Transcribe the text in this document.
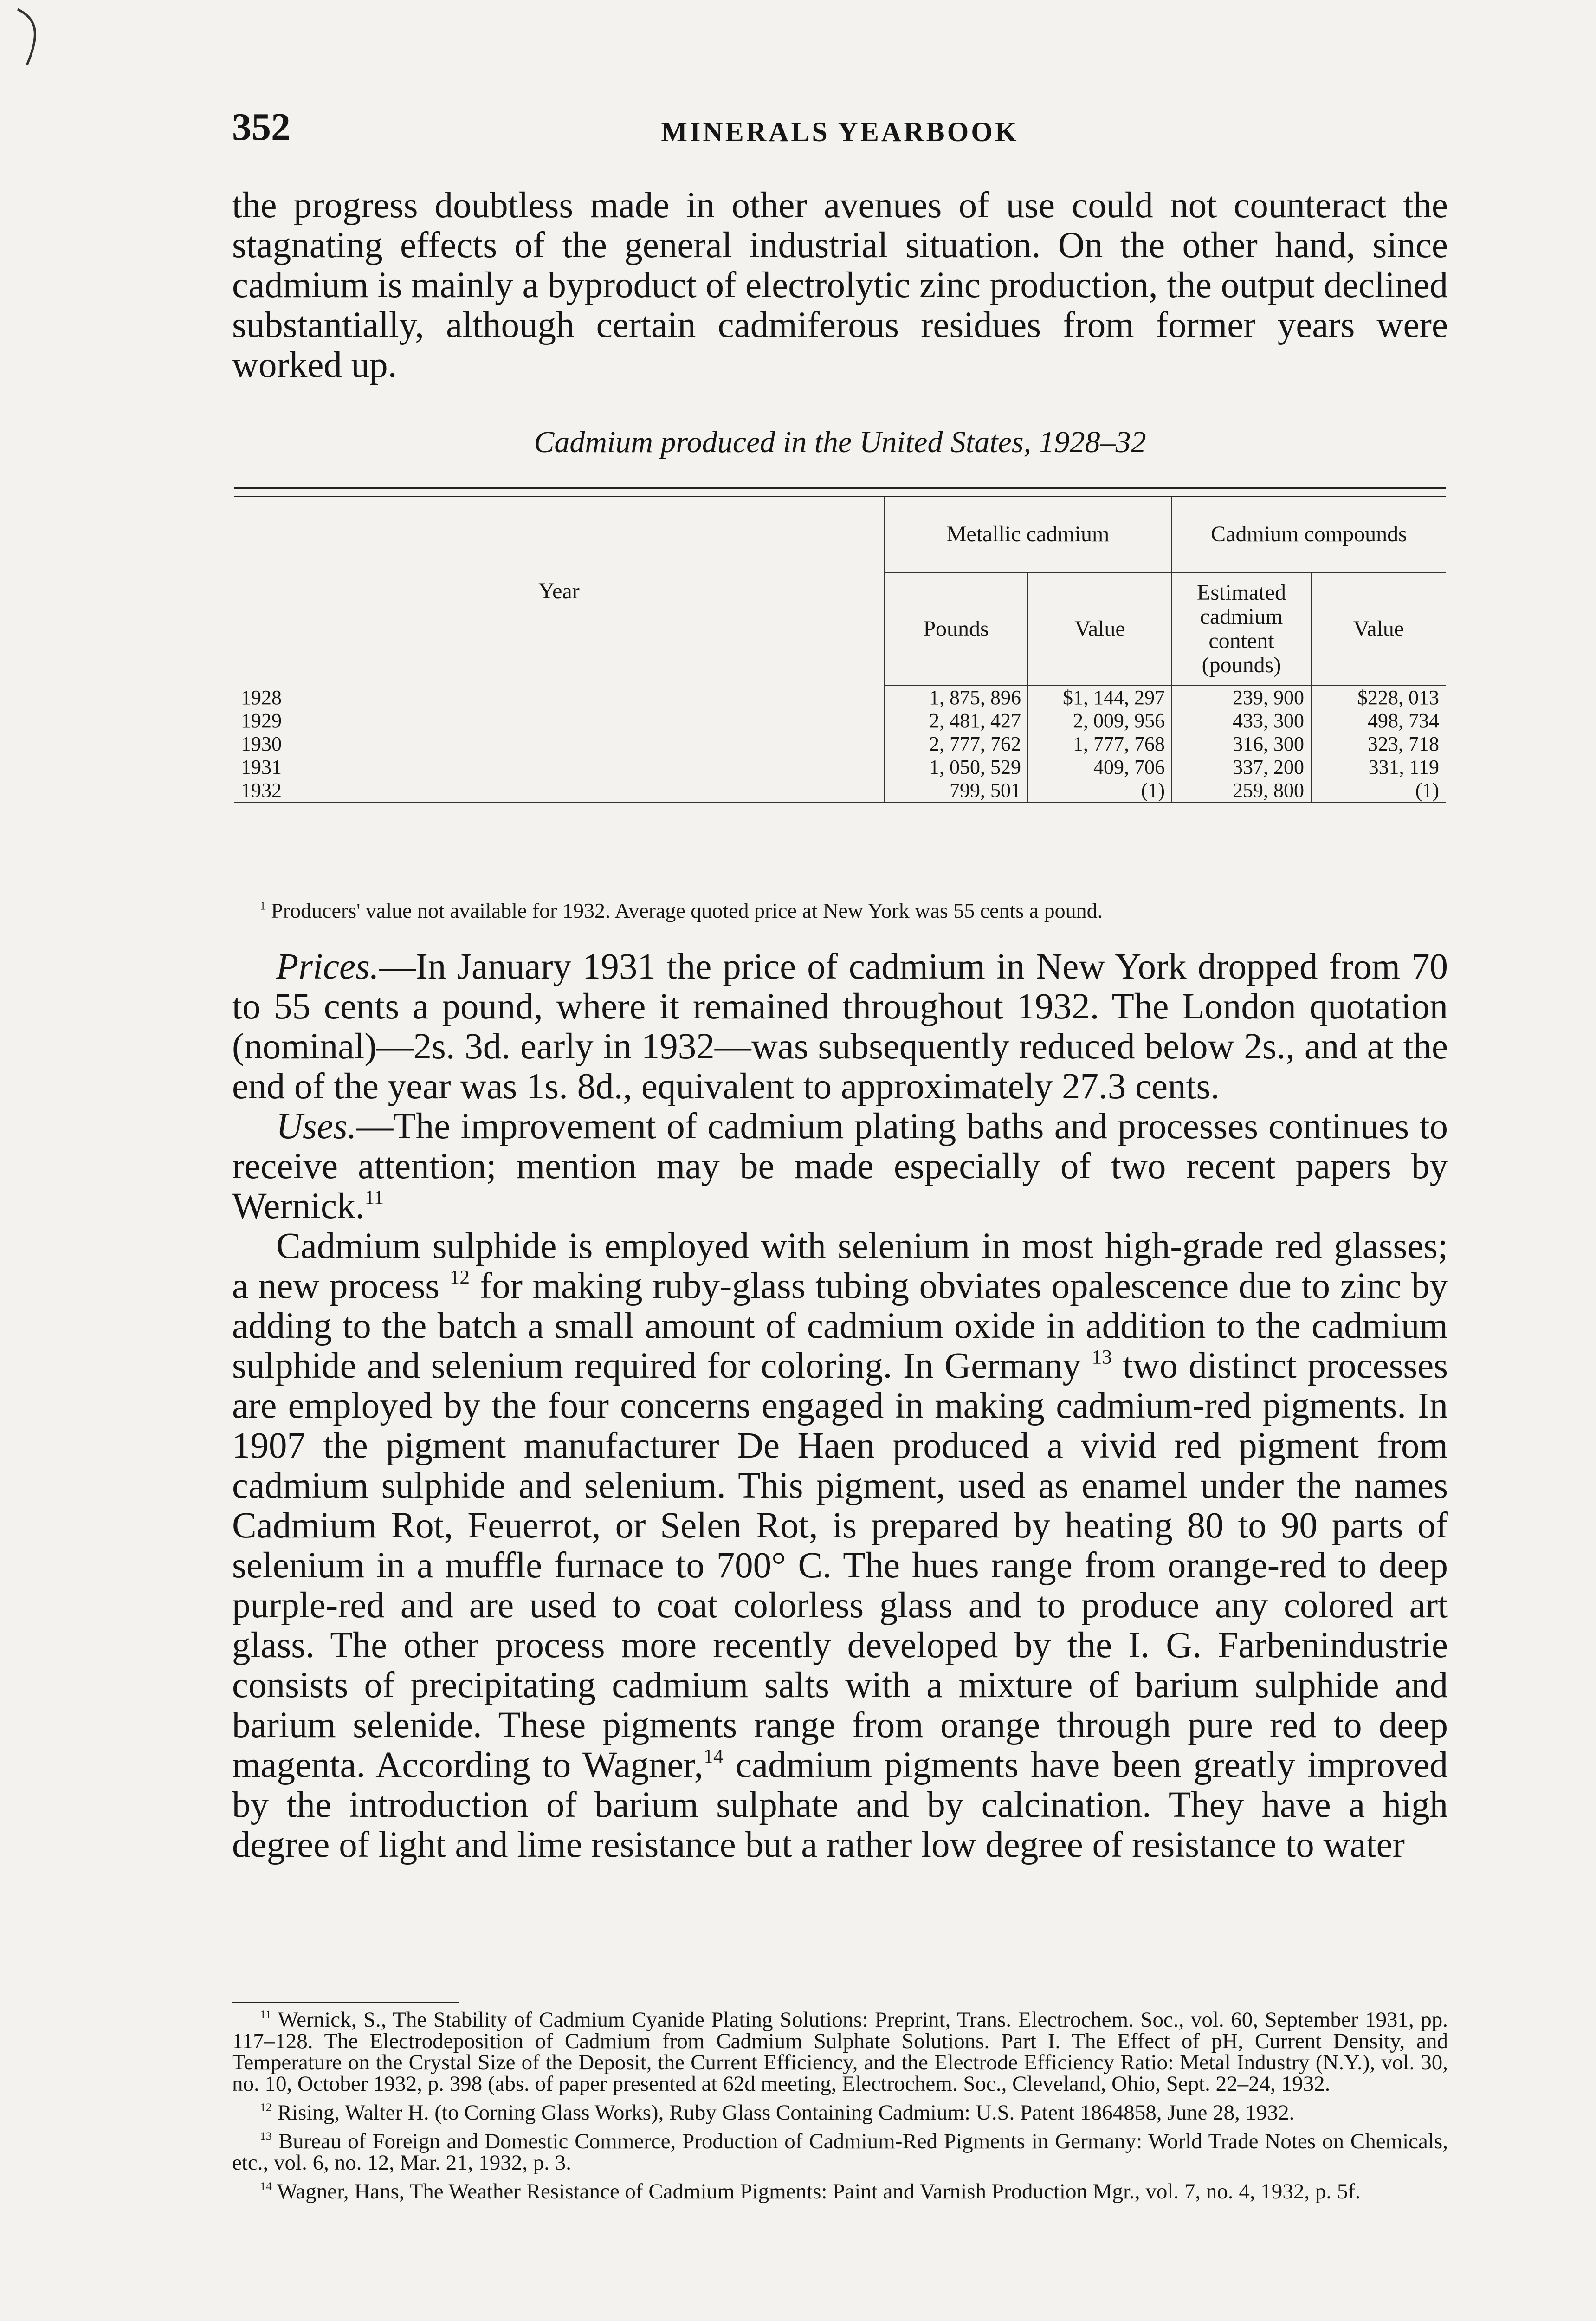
352	MINERALS YEARBOOK

the progress doubtless made in other avenues of use could not counteract the stagnating effects of the general industrial situation. On the other hand, since cadmium is mainly a byproduct of electrolytic zinc production, the output declined substantially, although certain cadmiferous residues from former years were worked up.

Cadmium produced in the United States, 1928–32
Year	Metallic cadmium		Cadmium compounds	
	Pounds	Value	Estimated cadmium content (pounds)	Value
1928	1, 875, 896	$1, 144, 297	239, 900	$228, 013
1929	2, 481, 427	2, 009, 956	433, 300	498, 734
1930	2, 777, 762	1, 777, 768	316, 300	323, 718
1931	1, 050, 529	409, 706	337, 200	331, 119
1932	799, 501	(1)	259, 800	(1)
$^1$ Producers' value not available for 1932. Average quoted price at New York was 55 cents a pound.

Prices.—In January 1931 the price of cadmium in New York dropped from 70 to 55 cents a pound, where it remained throughout 1932. The London quotation (nominal)—2s. 3d. early in 1932—was subsequently reduced below 2s., and at the end of the year was 1s. 8d., equivalent to approximately 27.3 cents.

Uses.—The improvement of cadmium plating baths and processes continues to receive attention; mention may be made especially of two recent papers by Wernick.$^{11}$

Cadmium sulphide is employed with selenium in most high-grade red glasses; a new process $^{12}$ for making ruby-glass tubing obviates opalescence due to zinc by adding to the batch a small amount of cadmium oxide in addition to the cadmium sulphide and selenium required for coloring. In Germany $^{13}$ two distinct processes are employed by the four concerns engaged in making cadmium-red pigments. In 1907 the pigment manufacturer De Haen produced a vivid red pigment from cadmium sulphide and selenium. This pigment, used as enamel under the names Cadmium Rot, Feuerrot, or Selen Rot, is prepared by heating 80 to 90 parts of selenium in a muffle furnace to 700° C. The hues range from orange-red to deep purple-red and are used to coat colorless glass and to produce any colored art glass. The other process more recently developed by the I. G. Farbenindustrie consists of precipitating cadmium salts with a mixture of barium sulphide and barium selenide. These pigments range from orange through pure red to deep magenta. According to Wagner,$^{14}$ cadmium pigments have been greatly improved by the introduction of barium sulphate and by calcination. They have a high degree of light and lime resistance but a rather low degree of resistance to water

$^{11}$ Wernick, S., The Stability of Cadmium Cyanide Plating Solutions: Preprint, Trans. Electrochem. Soc., vol. 60, September 1931, pp. 117–128. The Electrodeposition of Cadmium from Cadmium Sulphate Solutions. Part I. The Effect of pH, Current Density, and Temperature on the Crystal Size of the Deposit, the Current Efficiency, and the Electrode Efficiency Ratio: Metal Industry (N.Y.), vol. 30, no. 10, October 1932, p. 398 (abs. of paper presented at 62d meeting, Electrochem. Soc., Cleveland, Ohio, Sept. 22–24, 1932.

$^{12}$ Rising, Walter H. (to Corning Glass Works), Ruby Glass Containing Cadmium: U.S. Patent 1864858, June 28, 1932.

$^{13}$ Bureau of Foreign and Domestic Commerce, Production of Cadmium-Red Pigments in Germany: World Trade Notes on Chemicals, etc., vol. 6, no. 12, Mar. 21, 1932, p. 3.

$^{14}$ Wagner, Hans, The Weather Resistance of Cadmium Pigments: Paint and Varnish Production Mgr., vol. 7, no. 4, 1932, p. 5f.
